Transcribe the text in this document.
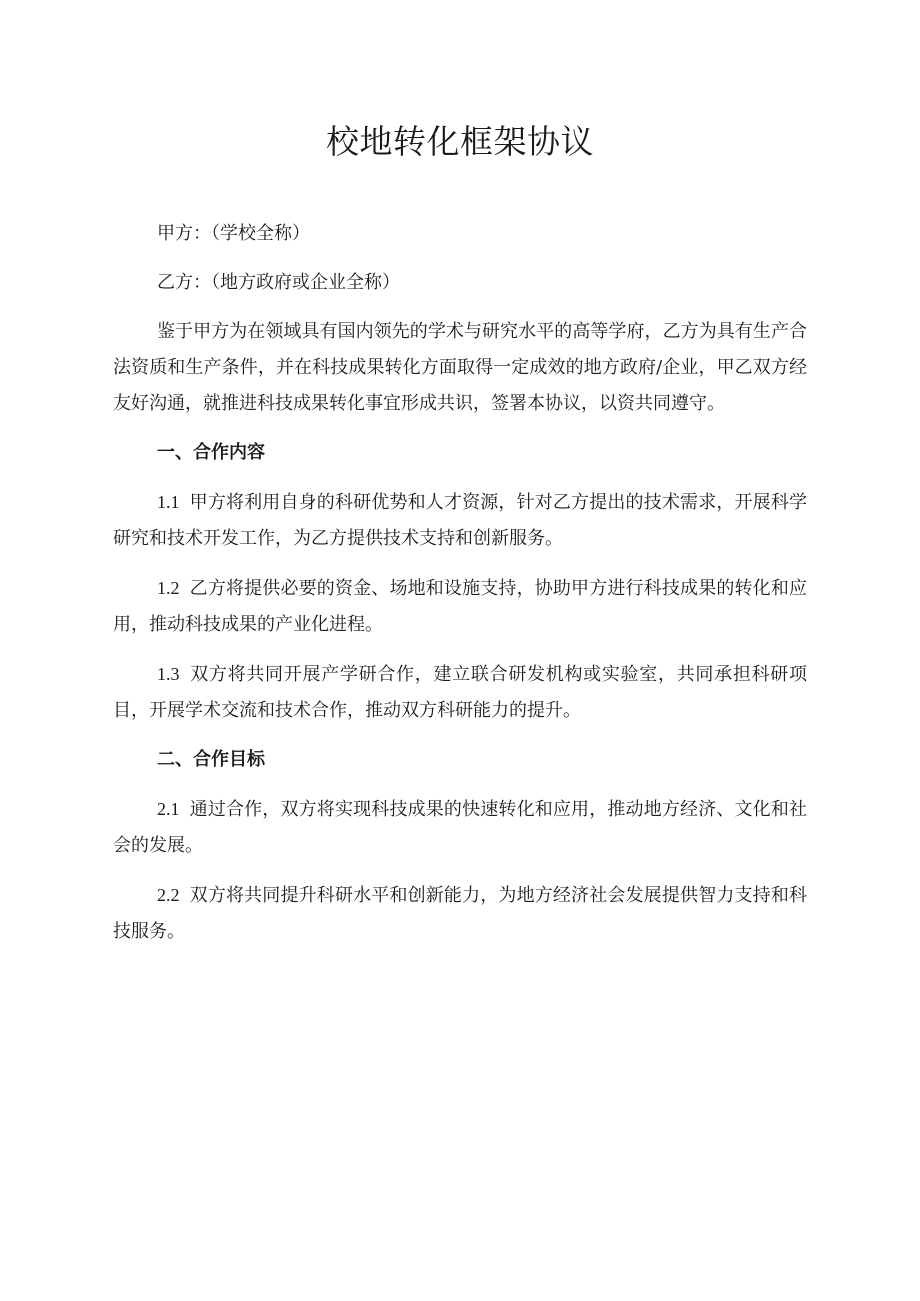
校地转化框架协议

甲方：（学校全称）

乙方：（地方政府或企业全称）

鉴于甲方为在领域具有国内领先的学术与研究水平的高等学府，乙方为具有生产合法资质和生产条件，并在科技成果转化方面取得一定成效的地方政府/企业，甲乙双方经友好沟通，就推进科技成果转化事宜形成共识，签署本协议，以资共同遵守。

一、合作内容

1.1 甲方将利用自身的科研优势和人才资源，针对乙方提出的技术需求，开展科学研究和技术开发工作，为乙方提供技术支持和创新服务。

1.2 乙方将提供必要的资金、场地和设施支持，协助甲方进行科技成果的转化和应用，推动科技成果的产业化进程。

1.3 双方将共同开展产学研合作，建立联合研发机构或实验室，共同承担科研项目，开展学术交流和技术合作，推动双方科研能力的提升。

二、合作目标

2.1 通过合作，双方将实现科技成果的快速转化和应用，推动地方经济、文化和社会的发展。

2.2 双方将共同提升科研水平和创新能力，为地方经济社会发展提供智力支持和科技服务。
